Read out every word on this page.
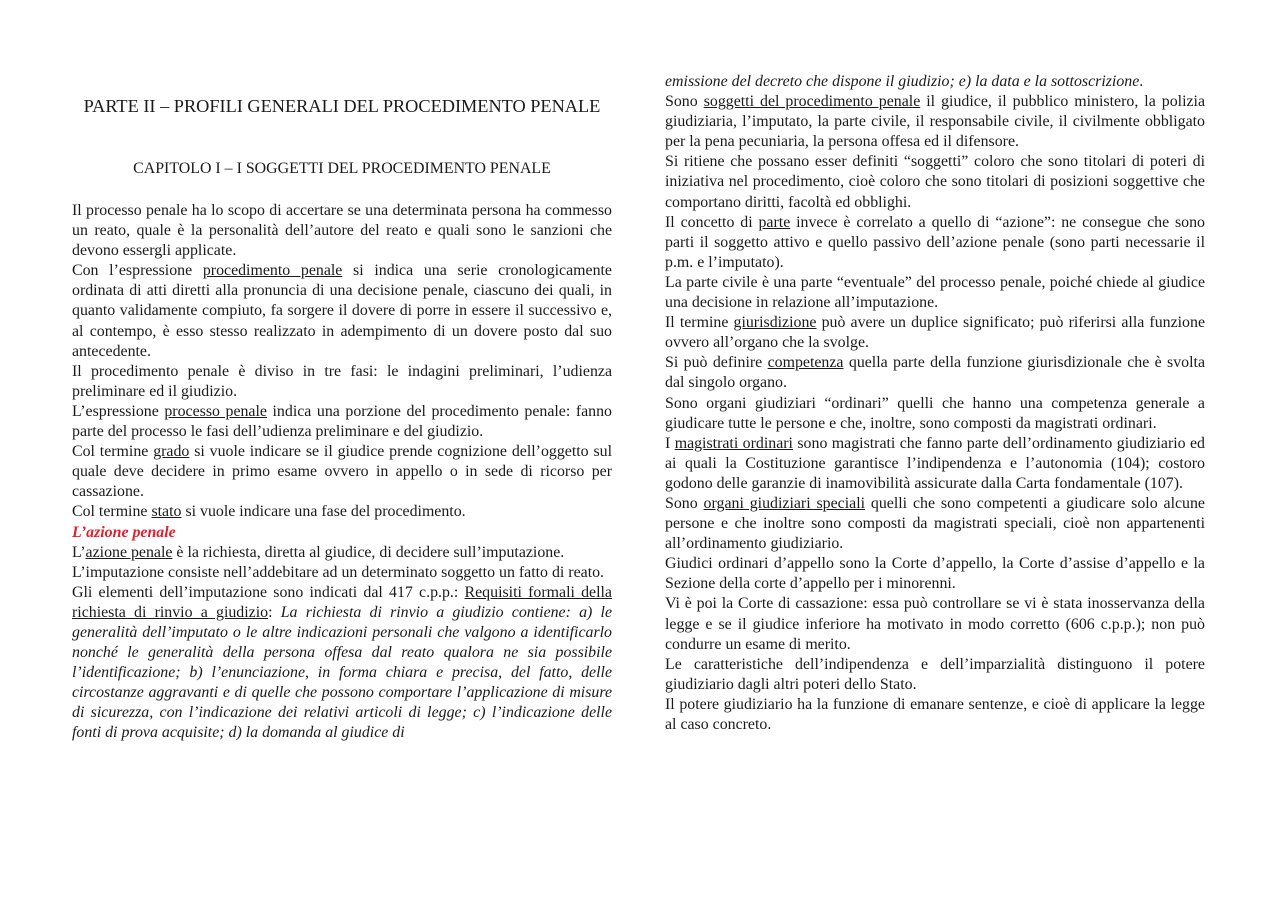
PARTE II – PROFILI GENERALI DEL PROCEDIMENTO PENALE
CAPITOLO I – I SOGGETTI DEL PROCEDIMENTO PENALE

Il processo penale ha lo scopo di accertare se una determinata persona ha commesso un reato, quale è la personalità dell’autore del reato e quali sono le sanzioni che devono essergli applicate.

Con l’espressione procedimento penale si indica una serie cronologicamente ordinata di atti diretti alla pronuncia di una decisione penale, ciascuno dei quali, in quanto validamente compiuto, fa sorgere il dovere di porre in essere il successivo e, al contempo, è esso stesso realizzato in adempimento di un dovere posto dal suo antecedente.

Il procedimento penale è diviso in tre fasi: le indagini preliminari, l’udienza preliminare ed il giudizio.

L’espressione processo penale indica una porzione del procedimento penale: fanno parte del processo le fasi dell’udienza preliminare e del giudizio.

Col termine grado si vuole indicare se il giudice prende cognizione dell’oggetto sul quale deve decidere in primo esame ovvero in appello o in sede di ricorso per cassazione.

Col termine stato si vuole indicare una fase del procedimento.

L’azione penale

L’azione penale è la richiesta, diretta al giudice, di decidere sull’imputazione.

L’imputazione consiste nell’addebitare ad un determinato soggetto un fatto di reato.

Gli elementi dell’imputazione sono indicati dal 417 c.p.p.: Requisiti formali della richiesta di rinvio a giudizio: La richiesta di rinvio a giudizio contiene: a) le generalità dell’imputato o le altre indicazioni personali che valgono a identificarlo nonché le generalità della persona offesa dal reato qualora ne sia possibile l’identificazione; b) l’enunciazione, in forma chiara e precisa, del fatto, delle circostanze aggravanti e di quelle che possono comportare l’applicazione di misure di sicurezza, con l’indicazione dei relativi articoli di legge; c) l’indicazione delle fonti di prova acquisite; d) la domanda al giudice di

emissione del decreto che dispone il giudizio; e) la data e la sottoscrizione.

Sono soggetti del procedimento penale il giudice, il pubblico ministero, la polizia giudiziaria, l’imputato, la parte civile, il responsabile civile, il civilmente obbligato per la pena pecuniaria, la persona offesa ed il difensore.

Si ritiene che possano esser definiti “soggetti” coloro che sono titolari di poteri di iniziativa nel procedimento, cioè coloro che sono titolari di posizioni soggettive che comportano diritti, facoltà ed obblighi.

Il concetto di parte invece è correlato a quello di “azione”: ne consegue che sono parti il soggetto attivo e quello passivo dell’azione penale (sono parti necessarie il p.m. e l’imputato).

La parte civile è una parte “eventuale” del processo penale, poiché chiede al giudice una decisione in relazione all’imputazione.

Il termine giurisdizione può avere un duplice significato; può riferirsi alla funzione ovvero all’organo che la svolge.

Si può definire competenza quella parte della funzione giurisdizionale che è svolta dal singolo organo.

Sono organi giudiziari “ordinari” quelli che hanno una competenza generale a giudicare tutte le persone e che, inoltre, sono composti da magistrati ordinari.

I magistrati ordinari sono magistrati che fanno parte dell’ordinamento giudiziario ed ai quali la Costituzione garantisce l’indipendenza e l’autonomia (104); costoro godono delle garanzie di inamovibilità assicurate dalla Carta fondamentale (107).

Sono organi giudiziari speciali quelli che sono competenti a giudicare solo alcune persone e che inoltre sono composti da magistrati speciali, cioè non appartenenti all’ordinamento giudiziario.

Giudici ordinari d’appello sono la Corte d’appello, la Corte d’assise d’appello e la Sezione della corte d’appello per i minorenni.

Vi è poi la Corte di cassazione: essa può controllare se vi è stata inosservanza della legge e se il giudice inferiore ha motivato in modo corretto (606 c.p.p.); non può condurre un esame di merito.

Le caratteristiche dell’indipendenza e dell’imparzialità distinguono il potere giudiziario dagli altri poteri dello Stato.

Il potere giudiziario ha la funzione di emanare sentenze, e cioè di applicare la legge al caso concreto.
